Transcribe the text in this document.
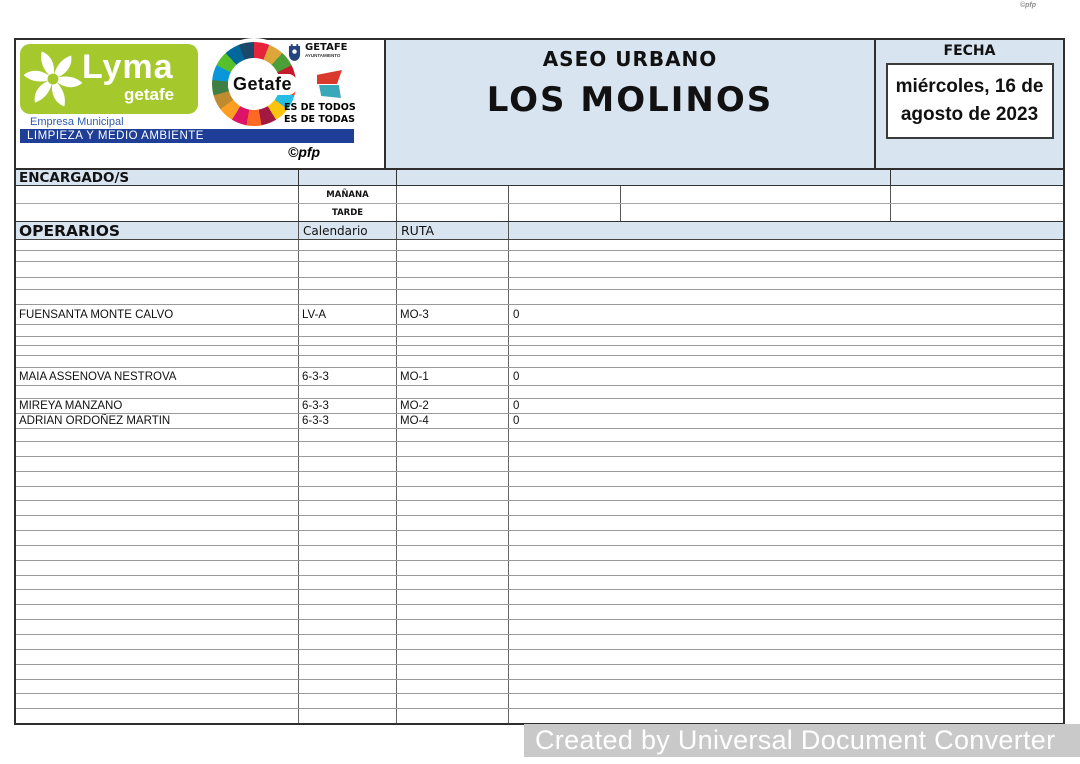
©pfp
Lyma
getafe
Getafe
GETAFE
AYUNTAMIENTO
ES DE TODOS
ES DE TODAS
Empresa Municipal
LIMPIEZA Y MEDIO AMBIENTE
©pfp
ASEO URBANO
LOS MOLINOS
FECHA
miércoles, 16 de agosto de 2023
ENCARGADO/S
MAÑANA
TARDE
OPERARIOS	Calendario	RUTA
FUENSANTA MONTE CALVO	LV-A	MO-3	0
MAIA ASSENOVA NESTROVA	6-3-3	MO-1	0
MIREYA MANZANO	6-3-3	MO-2	0
ADRIAN ORDOÑEZ MARTIN	6-3-3	MO-4	0
Created by Universal Document Converter
